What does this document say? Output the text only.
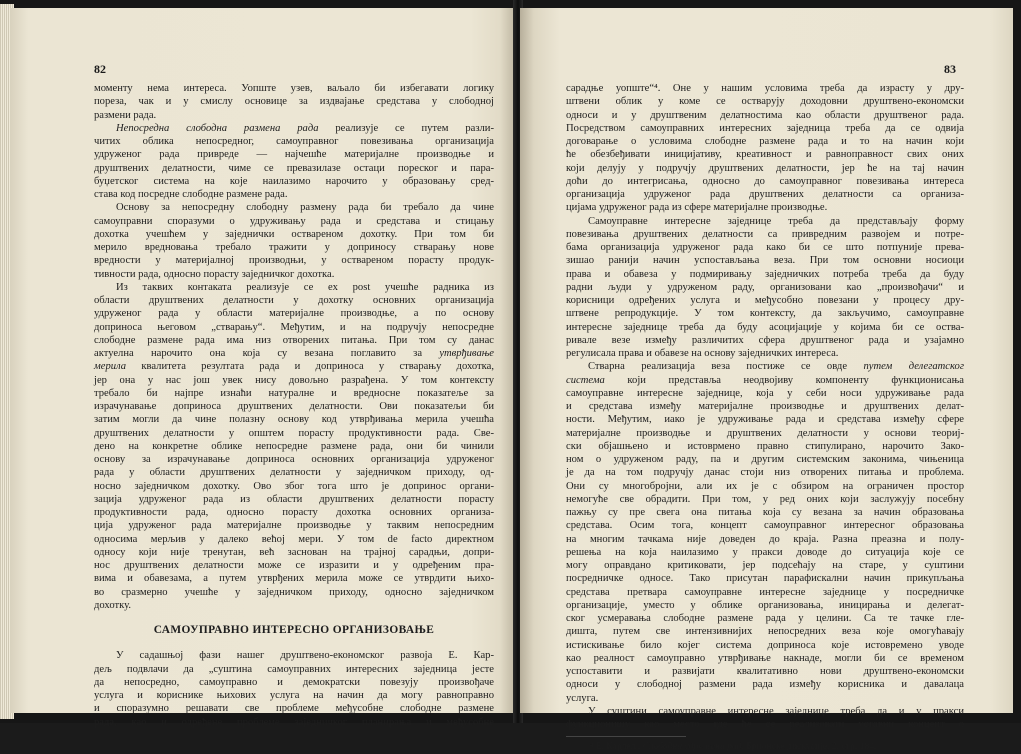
82
моменту нема интереса. Уопште узев, ваљало би избегавати логику
пореза, чак и у смислу основице за издвајање средстава у слободној
размени рада.
Непосредна слободна размена рада реализује се путем разли-
читих облика непосредног, самоуправног повезивања организација
удруженог рада привреде — најчешће материјалне производње и
друштвених делатности, чиме се превазилазе остаци пореског и пара-
буџетског система на које наилазимо нарочито у образовању сред-
става код посредне слободне размене рада.
Основу за непосредну слободну размену рада би требало да чине
самоуправни споразуми о удруживању рада и средстава и стицању
дохотка учешћем у заједнички оствареном дохотку. При том би
мерило вредновања требало тражити у доприносу стварању нове
вредности у материјалној производњи, у оствареном порасту продук-
тивности рада, односно порасту заједничког дохотка.
Из таквих контаката реализује се ex post учешће радника из
области друштвених делатности у дохотку основних организација
удруженог рада у области материјалне производње, а по основу
доприноса његовом „стварању“. Међутим, и на подручју непосредне
слободне размене рада има низ отворених питања. При том су данас
актуелна нарочито она која су везана поглавито за утврђивање
мерила квалитета резултата рада и доприноса у стварању дохотка,
јер она у нас још увек нису довољно разрађена. У том контексту
требало би најпре изнаћи натуралне и вредносне показатеље за
израчунавање доприноса друштвених делатности. Ови показатељи би
затим могли да чине полазну основу код утврђивања мерила учешћа
друштвених делатности у општем порасту продуктивности рада. Све-
дено на конкретне облике непосредне размене рада, они би чинили
основу за израчунавање доприноса основних организација удруженог
рада у области друштвених делатности у заједничком приходу, од-
носно заједничком дохотку. Ово због тога што је допринос органи-
зација удруженог рада из области друштвених делатности порасту
продуктивности рада, односно порасту дохотка основних организа-
ција удруженог рада материјалне производње у таквим непосредним
односима мерљив у далеко већој мери. У том de facto директном
односу који није тренутан, већ заснован на трајној сарадњи, допри-
нос друштвених делатности може се изразити и у одређеним пра-
вима и обавезама, а путем утврђених мерила може се утврдити њихо-
во сразмерно учешће у заједничком приходу, односно заједничком
дохотку.
САМОУПРАВНО ИНТЕРЕСНО ОРГАНИЗОВАЊЕ
У садашњој фази нашег друштвено-економског развоја Е. Кар-
дељ подвлачи да „суштина самоуправних интересних заједница јесте
да непосредно, самоуправно и демократски повезују произвођаче
услуга и кориснике њихових услуга на начин да могу равноправно
и споразумно решавати све проблеме међусобне слободне размене
рада, као и одређене проблеме заједничког планирања и међусобне
83
сарадње уопште“⁴. Оне у нашим условима треба да израсту у дру-
штвени облик у коме се остварују доходовни друштвено-економски
односи и у друштвеним делатностима као области друштвеног рада.
Посредством самоуправних интересних заједница треба да се одвија
договарање о условима слободне размене рада и то на начин који
ће обезбеђивати иницијативу, креативност и равноправност свих оних
који делују у подручју друштвених делатности, јер ће на тај начин
доћи до интегрисања, односно до самоуправног повезивања интереса
организација удруженог рада друштвених делатности са организа-
цијама удруженог рада из сфере материјалне производње.
Самоуправне интересне заједнице треба да представљају форму
повезивања друштвених делатности са привредним развојем и потре-
бама организација удруженог рада како би се што потпуније прева-
зишао ранији начин успостављања веза. При том основни носиоци
права и обавеза у подмиривању заједничких потреба треба да буду
радни људи у удруженом раду, организовани као „произвођачи“ и
корисници одређених услуга и међусобно повезани у процесу дру-
штвене репродукције. У том контексту, да закључимо, самоуправне
интересне заједнице треба да буду асоцијације у којима би се оства-
ривале везе између различитих сфера друштвеног рада и узајамно
регулисала права и обавезе на основу заједничких интереса.
Стварна реализација веза постиже се овде путем делегатског
система који представља неодвојиву компоненту функционисања
самоуправне интересне заједнице, која у себи носи удруживање рада
и средстава између материјалне производње и друштвених делат-
ности. Међутим, иако је удруживање рада и средстава између сфере
материјалне производње и друштвених делатности у основи теориј-
ски објашњено и истоврмено правно стипулирано, нарочито Зако-
ном о удруженом раду, па и другим системским законима, чињеница
је да на том подручју данас стоји низ отворених питања и проблема.
Они су многобројни, али их је с обзиром на ограничен простор
немогуће све обрадити. При том, у ред оних који заслужују посебну
пажњу су пре свега она питања која су везана за начин образовања
средстава. Осим тога, концепт самоуправног интересног образовања
на многим тачкама није доведен до краја. Разна преазна и полу-
решења на која наилазимо у пракси доводе до ситуација које се
могу оправдано критиковати, јер подсећају на старе, у суштини
посредничке односе. Тако присутан парафискални начин прикупљања
средстава претвара самоуправне интересне заједнице у посредничке
организације, уместо у облике организовања, иницирања и делегат-
ског усмеравања слободне размене рада у целини. Са те тачке гле-
дишта, путем све интензивнијих непосредних веза које омогућавају
истискивање било којег система доприноса које истовремено уводе
као реалност самоуправно утврђивање накнаде, могли би се временом
успоставити и развијати квалитативно нови друштвено-економски
односи у слободној размени рада између корисника и давалаца
услуга.
У суштини самоуправне интересне заједнице треба да и у пракси
функционишу као место где ће се реализовати уставни концепт о
⁴ Е. Кардељ: Слободни удружени рад, Брионске дискусије, 2, стр. 184.
